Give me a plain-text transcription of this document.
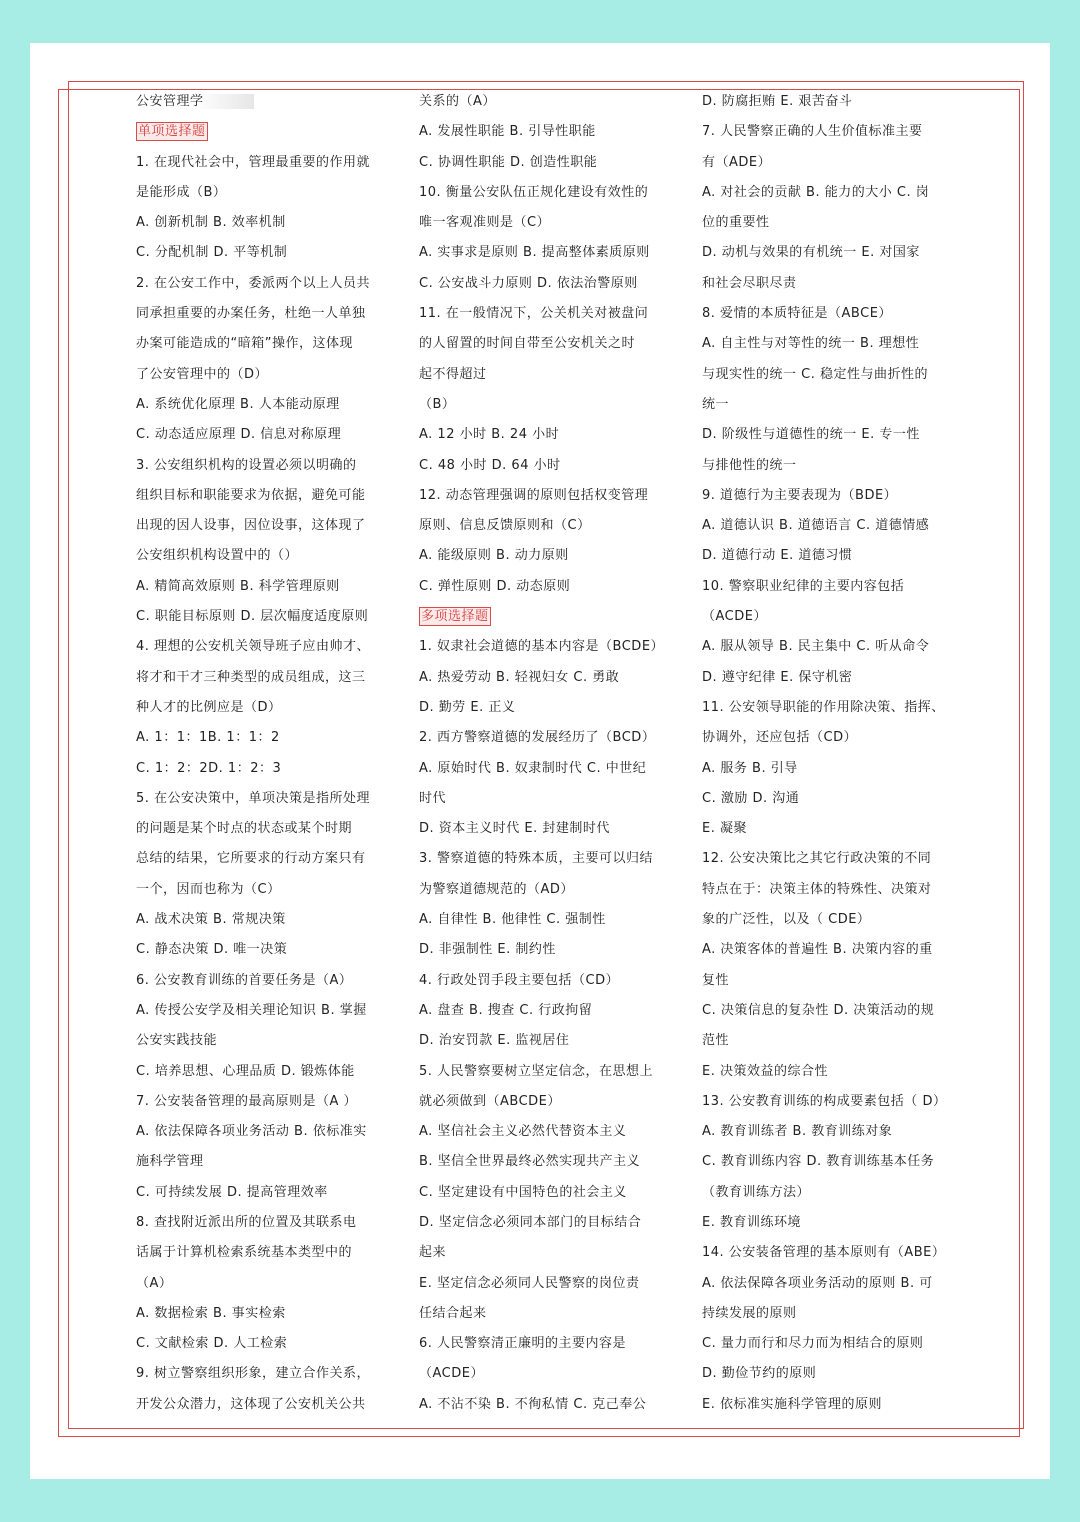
公安管理学
单项选择题
1. 在现代社会中，管理最重要的作用就
是能形成（B）
A. 创新机制 B. 效率机制
C. 分配机制 D. 平等机制
2. 在公安工作中，委派两个以上人员共
同承担重要的办案任务，杜绝一人单独
办案可能造成的“暗箱”操作，这体现
了公安管理中的（D）
A. 系统优化原理 B. 人本能动原理
C. 动态适应原理 D. 信息对称原理
3. 公安组织机构的设置必须以明确的
组织目标和职能要求为依据，避免可能
出现的因人设事，因位设事，这体现了
公安组织机构设置中的（）
A. 精简高效原则 B. 科学管理原则
C. 职能目标原则 D. 层次幅度适度原则
4. 理想的公安机关领导班子应由帅才、
将才和干才三种类型的成员组成，这三
种人才的比例应是（D）
A. 1：1：1B. 1：1：2
C. 1：2：2D. 1：2：3
5. 在公安决策中，单项决策是指所处理
的问题是某个时点的状态或某个时期
总结的结果，它所要求的行动方案只有
一个，因而也称为（C）
A. 战术决策 B. 常规决策
C. 静态决策 D. 唯一决策
6. 公安教育训练的首要任务是（A）
A. 传授公安学及相关理论知识 B. 掌握
公安实践技能
C. 培养思想、心理品质 D. 锻炼体能
7. 公安装备管理的最高原则是（A ）
A. 依法保障各项业务活动 B. 依标准实
施科学管理
C. 可持续发展 D. 提高管理效率
8. 查找附近派出所的位置及其联系电
话属于计算机检索系统基本类型中的
（A）
A. 数据检索 B. 事实检索
C. 文献检索 D. 人工检索
9. 树立警察组织形象，建立合作关系，
开发公众潜力，这体现了公安机关公共
关系的（A）
A. 发展性职能 B. 引导性职能
C. 协调性职能 D. 创造性职能
10. 衡量公安队伍正规化建设有效性的
唯一客观准则是（C）
A. 实事求是原则 B. 提高整体素质原则
C. 公安战斗力原则 D. 依法治警原则
11. 在一般情况下，公关机关对被盘问
的人留置的时间自带至公安机关之时
起不得超过
（B）
A. 12 小时 B. 24 小时
C. 48 小时 D. 64 小时
12. 动态管理强调的原则包括权变管理
原则、信息反馈原则和（C）
A. 能级原则 B. 动力原则
C. 弹性原则 D. 动态原则
多项选择题
1. 奴隶社会道德的基本内容是（BCDE）
A. 热爱劳动 B. 轻视妇女 C. 勇敢
D. 勤劳 E. 正义
2. 西方警察道德的发展经历了（BCD）
A. 原始时代 B. 奴隶制时代 C. 中世纪
时代
D. 资本主义时代 E. 封建制时代
3. 警察道德的特殊本质，主要可以归结
为警察道德规范的（AD）
A. 自律性 B. 他律性 C. 强制性
D. 非强制性 E. 制约性
4. 行政处罚手段主要包括（CD）
A. 盘查 B. 搜查 C. 行政拘留
D. 治安罚款 E. 监视居住
5. 人民警察要树立坚定信念，在思想上
就必须做到（ABCDE）
A. 坚信社会主义必然代替资本主义
B. 坚信全世界最终必然实现共产主义
C. 坚定建设有中国特色的社会主义
D. 坚定信念必须同本部门的目标结合
起来
E. 坚定信念必须同人民警察的岗位责
任结合起来
6. 人民警察清正廉明的主要内容是
（ACDE）
A. 不沾不染 B. 不徇私情 C. 克己奉公
D. 防腐拒贿 E. 艰苦奋斗
7. 人民警察正确的人生价值标准主要
有（ADE）
A. 对社会的贡献 B. 能力的大小 C. 岗
位的重要性
D. 动机与效果的有机统一 E. 对国家
和社会尽职尽责
8. 爱情的本质特征是（ABCE）
A. 自主性与对等性的统一 B. 理想性
与现实性的统一 C. 稳定性与曲折性的
统一
D. 阶级性与道德性的统一 E. 专一性
与排他性的统一
9. 道德行为主要表现为（BDE）
A. 道德认识 B. 道德语言 C. 道德情感
D. 道德行动 E. 道德习惯
10. 警察职业纪律的主要内容包括
（ACDE）
A. 服从领导 B. 民主集中 C. 听从命令
D. 遵守纪律 E. 保守机密
11. 公安领导职能的作用除决策、指挥、
协调外，还应包括（CD）
A. 服务 B. 引导
C. 激励 D. 沟通
E. 凝聚
12. 公安决策比之其它行政决策的不同
特点在于：决策主体的特殊性、决策对
象的广泛性，以及（ CDE）
A. 决策客体的普遍性 B. 决策内容的重
复性
C. 决策信息的复杂性 D. 决策活动的规
范性
E. 决策效益的综合性
13. 公安教育训练的构成要素包括（ D）
A. 教育训练者 B. 教育训练对象
C. 教育训练内容 D. 教育训练基本任务
（教育训练方法）
E. 教育训练环境
14. 公安装备管理的基本原则有（ABE）
A. 依法保障各项业务活动的原则 B. 可
持续发展的原则
C. 量力而行和尽力而为相结合的原则
D. 勤俭节约的原则
E. 依标准实施科学管理的原则
